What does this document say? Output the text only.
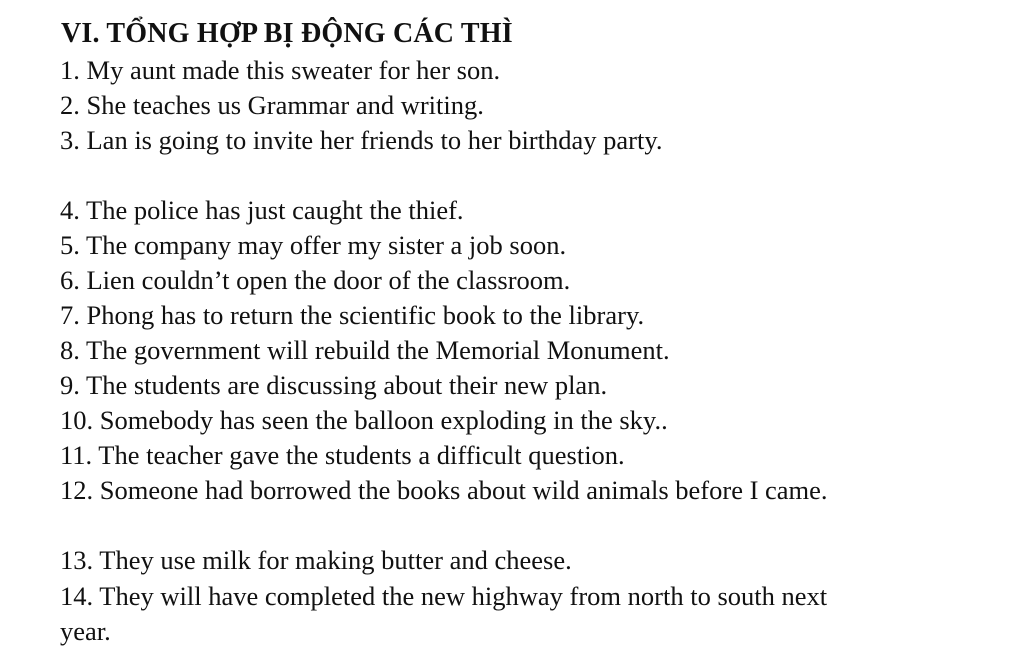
VI. TỔNG HỢP BỊ ĐỘNG CÁC THÌ
1. My aunt made this sweater for her son.
2. She teaches us Grammar and writing.
3. Lan is going to invite her friends to her birthday party.
4. The police has just caught the thief.
5. The company may offer my sister a job soon.
6. Lien couldn’t open the door of the classroom.
7. Phong has to return the scientific book to the library.
8. The government will rebuild the Memorial Monument.
9. The students are discussing about their new plan.
10. Somebody has seen the balloon exploding in the sky..
11. The teacher gave the students a difficult question.
12. Someone had borrowed the books about wild animals before I came.
13. They use milk for making butter and cheese.
14. They will have completed the new highway from north to south next
year.
